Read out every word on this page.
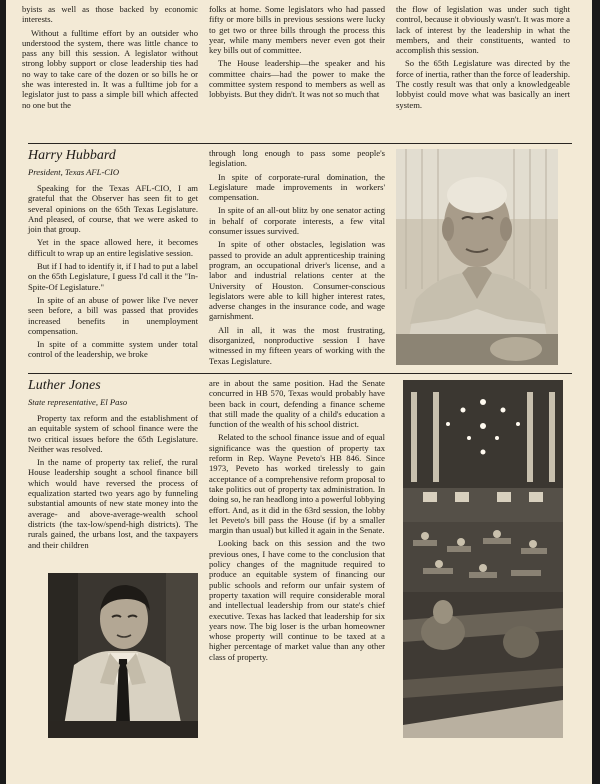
byists as well as those backed by economic interests.

Without a fulltime effort by an outsider who understood the system, there was little chance to pass any bill this session. A legislator without strong lobby support or close leadership ties had no way to take care of the dozen or so bills he or she was interested in. It was a fulltime job for a legislator just to pass a simple bill which affected no one but the

folks at home. Some legislators who had passed fifty or more bills in previous sessions were lucky to get two or three bills through the process this year, while many members never even got their key bills out of committee.

The House leadership—the speaker and his committee chairs—had the power to make the committee system respond to members as well as lobbyists. But they didn't. It was not so much that

the flow of legislation was under such tight control, because it obviously wasn't. It was more a lack of interest by the leadership in what the members, and their constituents, wanted to accomplish this session.

So the 65th Legislature was directed by the force of inertia, rather than the force of leadership. The costly result was that only a knowledgeable lobbyist could move what was basically an inert system.

Harry Hubbard

President, Texas AFL-CIO

Speaking for the Texas AFL-CIO, I am grateful that the Observer has seen fit to get several opinions on the 65th Texas Legislature. And pleased, of course, that we were asked to join that group.

Yet in the space allowed here, it becomes difficult to wrap up an entire legislative session.

But if I had to identify it, if I had to put a label on the 65th Legislature, I guess I'd call it the "In-Spite-Of Legislature."

In spite of an abuse of power like I've never seen before, a bill was passed that provides increased benefits in unemployment compensation.

In spite of a committe system under total control of the leadership, we broke

through long enough to pass some people's legislation.

In spite of corporate-rural domination, the Legislature made improvements in workers' compensation.

In spite of an all-out blitz by one senator acting in behalf of corporate interests, a few vital consumer issues survived.

In spite of other obstacles, legislation was passed to provide an adult apprenticeship training program, an occupational driver's license, and a labor and industrial relations center at the University of Houston. Consumer-conscious legislators were able to kill higher interest rates, adverse changes in the insurance code, and wage garnishment.

All in all, it was the most frustrating, disorganized, nonproductive session I have witnessed in my fifteen years of working with the Texas Legislature.

Luther Jones

State representative, El Paso

Property tax reform and the establishment of an equitable system of school finance were the two critical issues before the 65th Legislature. Neither was resolved.

In the name of property tax relief, the rural House leadership sought a school finance bill which would have reversed the process of equalization started two years ago by funneling substantial amounts of new state money into the average- and above-average-wealth school districts (the tax-low/spend-high districts). The rurals gained, the urbans lost, and the taxpayers and their children

are in about the same position. Had the Senate concurred in HB 570, Texas would probably have been back in court, defending a finance scheme that still made the quality of a child's education a function of the wealth of his school district.

Related to the school finance issue and of equal significance was the question of property tax reform in Rep. Wayne Peveto's HB 846. Since 1973, Peveto has worked tirelessly to gain acceptance of a comprehensive reform proposal to take politics out of property tax administration. In doing so, he ran headlong into a powerful lobbying effort. And, as it did in the 63rd session, the lobby let Peveto's bill pass the House (if by a smaller margin than usual) but killed it again in the Senate.

Looking back on this session and the two previous ones, I have come to the conclusion that policy changes of the magnitude required to produce an equitable system of financing our public schools and reform our unfair system of property taxation will require considerable moral and intellectual leadership from our state's chief executive. Texas has lacked that leadership for six years now. The big loser is the urban homeowner whose property will continue to be taxed at a higher percentage of market value than any other class of property.
